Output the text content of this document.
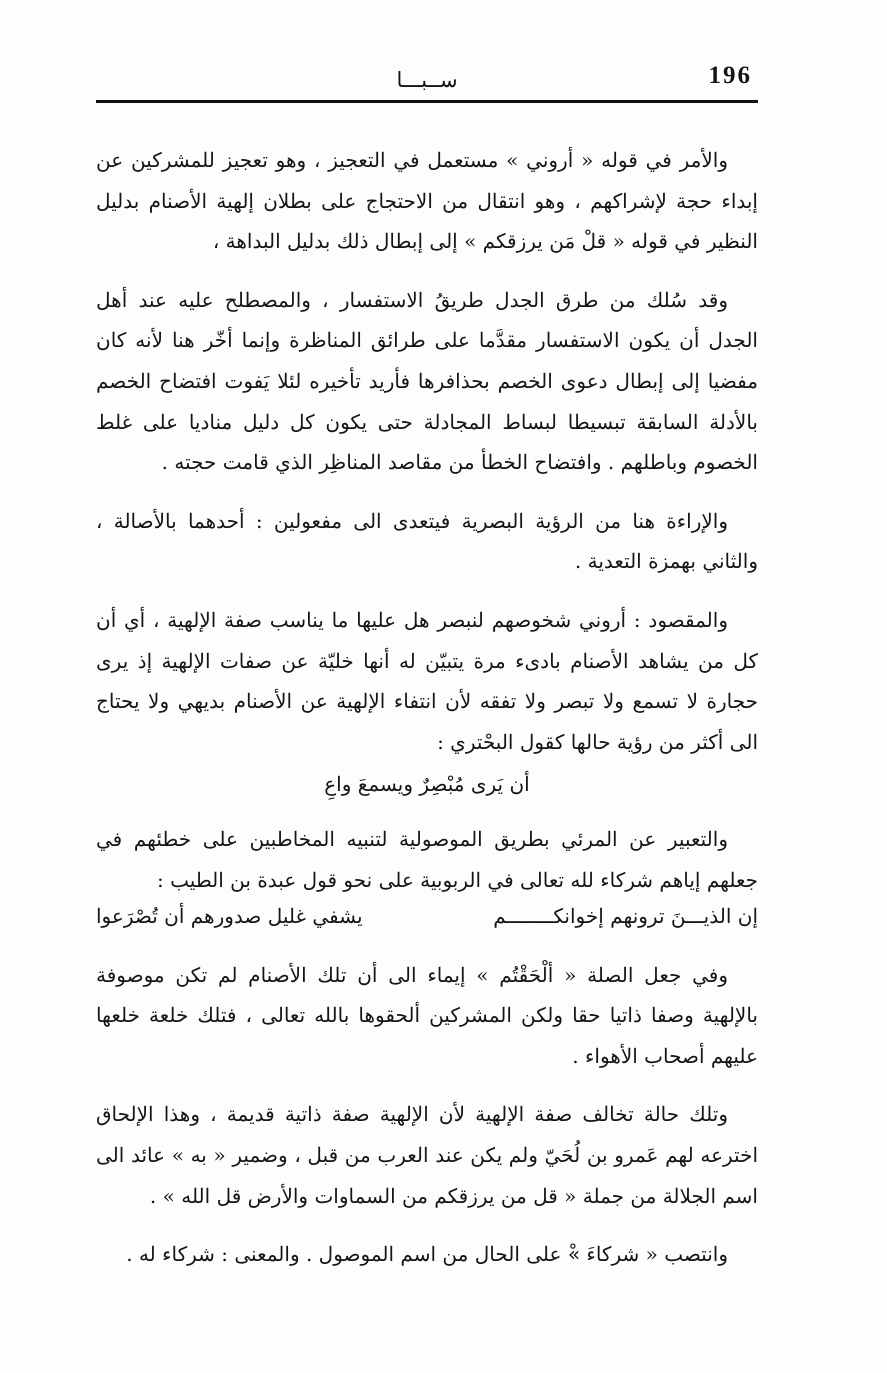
196
ســبـــا

والأمر في قوله « أروني » مستعمل في التعجيز ، وهو تعجيز للمشركين عن إبداء حجة لإشراكهم ، وهو انتقال من الاحتجاج على بطلان إلهية الأصنام بدليل النظير في قوله « قلْ مَن يرزقكم » إلى إبطال ذلك بدليل البداهة ،

وقد سُلك من طرق الجدل طريقُ الاستفسار ، والمصطلح عليه عند أهل الجدل أن يكون الاستفسار مقدَّما على طرائق المناظرة وإنما أخّر هنا لأنه كان مفضيا إلى إبطال دعوى الخصم بحذافرها فأريد تأخيره لئلا يَفوت افتضاح الخصم بالأدلة السابقة تبسيطا لبساط المجادلة حتى يكون كل دليل مناديا على غلط الخصوم وباطلهم . وافتضاح الخطأ من مقاصد المناظِر الذي قامت حجته .

والإراءة هنا من الرؤية البصرية فيتعدى الى مفعولين : أحدهما بالأصالة ، والثاني بهمزة التعدية .

والمقصود : أروني شخوصهم لنبصر هل عليها ما يناسب صفة الإلهية ، أي أن كل من يشاهد الأصنام بادىء مرة يتبيّن له أنها خليّة عن صفات الإلهية إذ يرى حجارة لا تسمع ولا تبصر ولا تفقه لأن انتفاء الإلهية عن الأصنام بديهي ولا يحتاج الى أكثر من رؤية حالها كقول البحْتري :

أن يَرى مُبْصِرٌ ويسمعَ واعِ

والتعبير عن المرئي بطريق الموصولية لتنبيه المخاطبين على خطئهم في جعلهم إياهم شركاء لله تعالى في الربوبية على نحو قول عبدة بن الطيب :

إن الذيـــنَ ترونهم إخوانكــــــــم
يشفي غليل صدورهم أن تُصْرَعوا

وفي جعل الصلة « ألْحَقْتُم » إيماء الى أن تلك الأصنام لم تكن موصوفة بالإلهية وصفا ذاتيا حقا ولكن المشركين ألحقوها بالله تعالى ، فتلك خلعة خلعها عليهم أصحاب الأهواء .

وتلك حالة تخالف صفة الإلهية لأن الإلهية صفة ذاتية قديمة ، وهذا الإلحاق اخترعه لهم عَمرو بن لُحَيّ ولم يكن عند العرب من قبل ، وضمير « به » عائد الى اسم الجلالة من جملة « قل من يرزقكم من السماوات والأرض قل الله » .

وانتصب « شركاءَ »ْ على الحال من اسم الموصول . والمعنى : شركاء له .
